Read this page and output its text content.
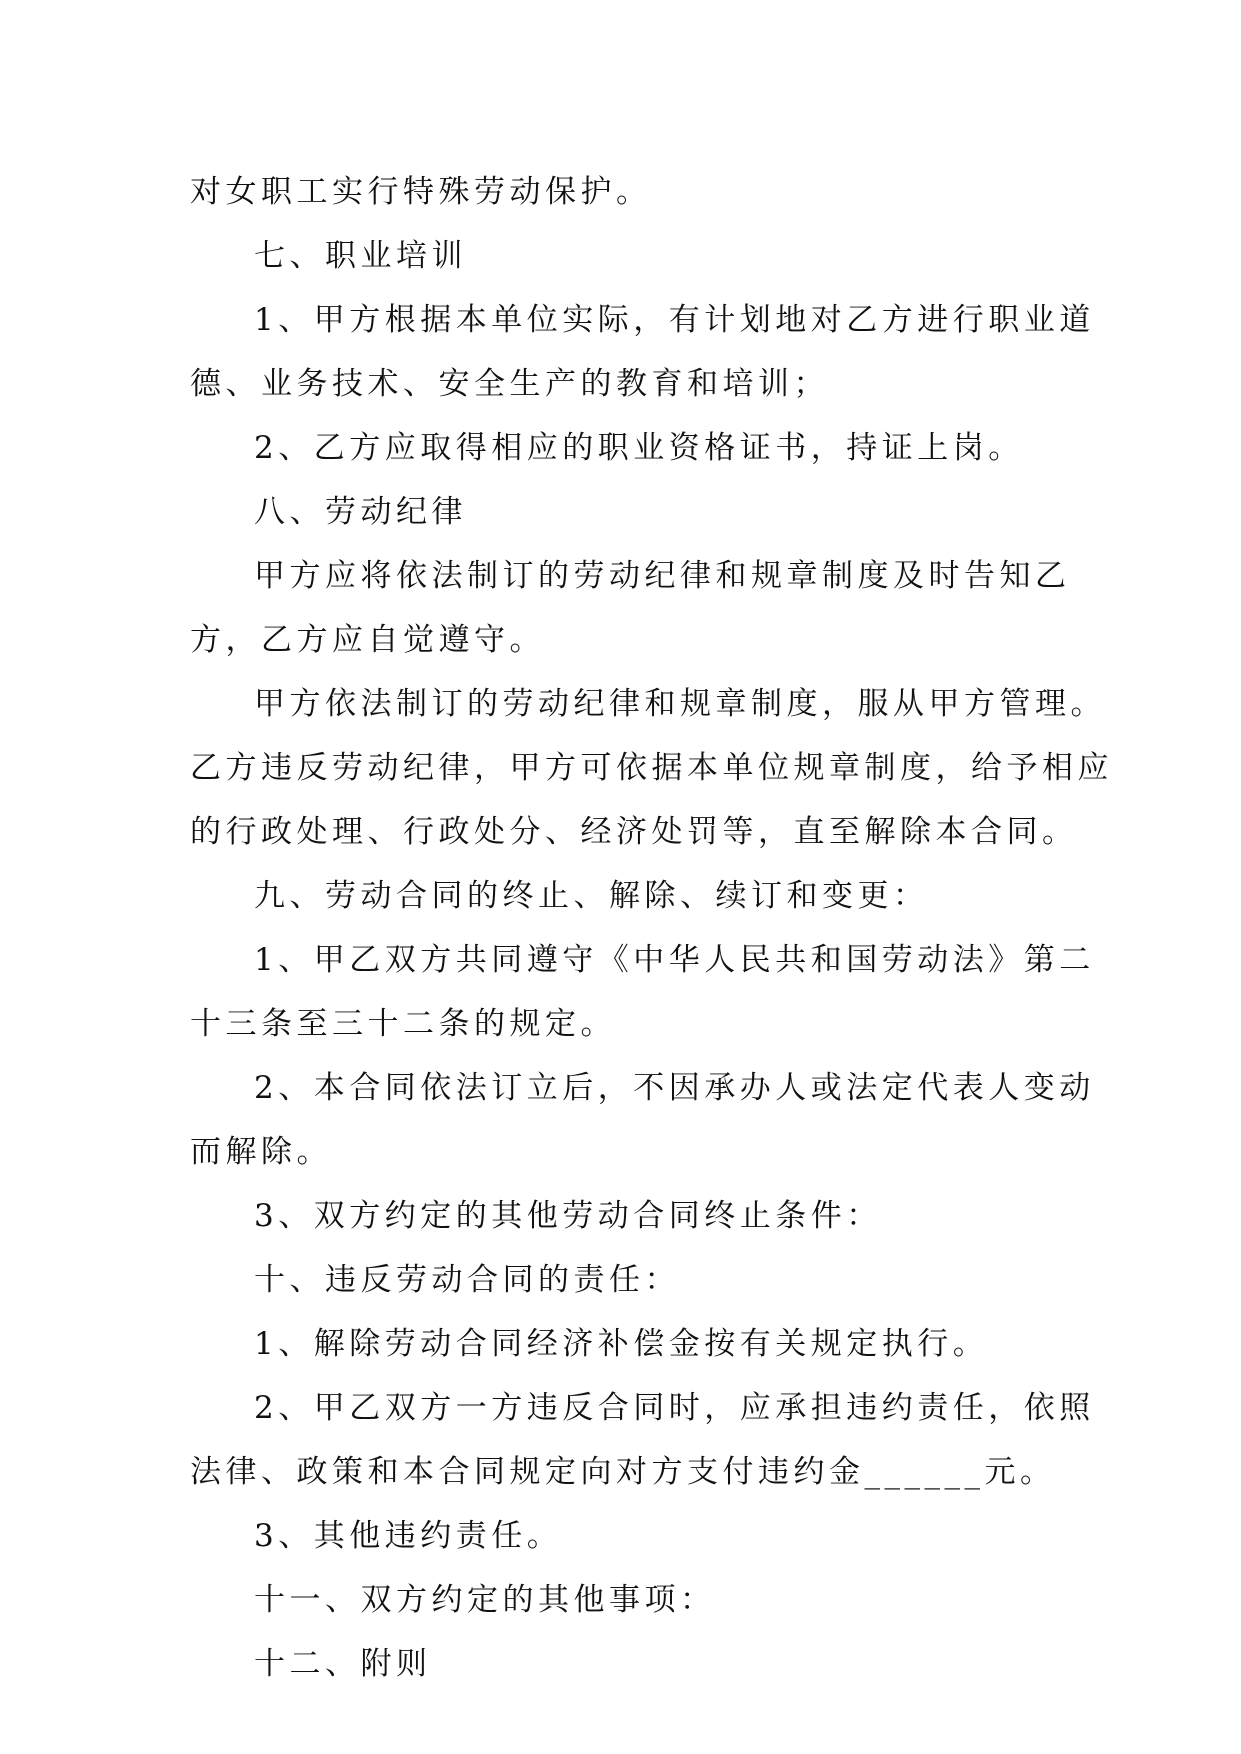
对女职工实行特殊劳动保护。
七、职业培训
1、甲方根据本单位实际，有计划地对乙方进行职业道
德、业务技术、安全生产的教育和培训；
2、乙方应取得相应的职业资格证书，持证上岗。
八、劳动纪律
甲方应将依法制订的劳动纪律和规章制度及时告知乙
方，乙方应自觉遵守。
甲方依法制订的劳动纪律和规章制度，服从甲方管理。
乙方违反劳动纪律，甲方可依据本单位规章制度，给予相应
的行政处理、行政处分、经济处罚等，直至解除本合同。
九、劳动合同的终止、解除、续订和变更：
1、甲乙双方共同遵守《中华人民共和国劳动法》第二
十三条至三十二条的规定。
2、本合同依法订立后，不因承办人或法定代表人变动
而解除。
3、双方约定的其他劳动合同终止条件：
十、违反劳动合同的责任：
1、解除劳动合同经济补偿金按有关规定执行。
2、甲乙双方一方违反合同时，应承担违约责任，依照
法律、政策和本合同规定向对方支付违约金______元。
3、其他违约责任。
十一、双方约定的其他事项：
十二、附则
